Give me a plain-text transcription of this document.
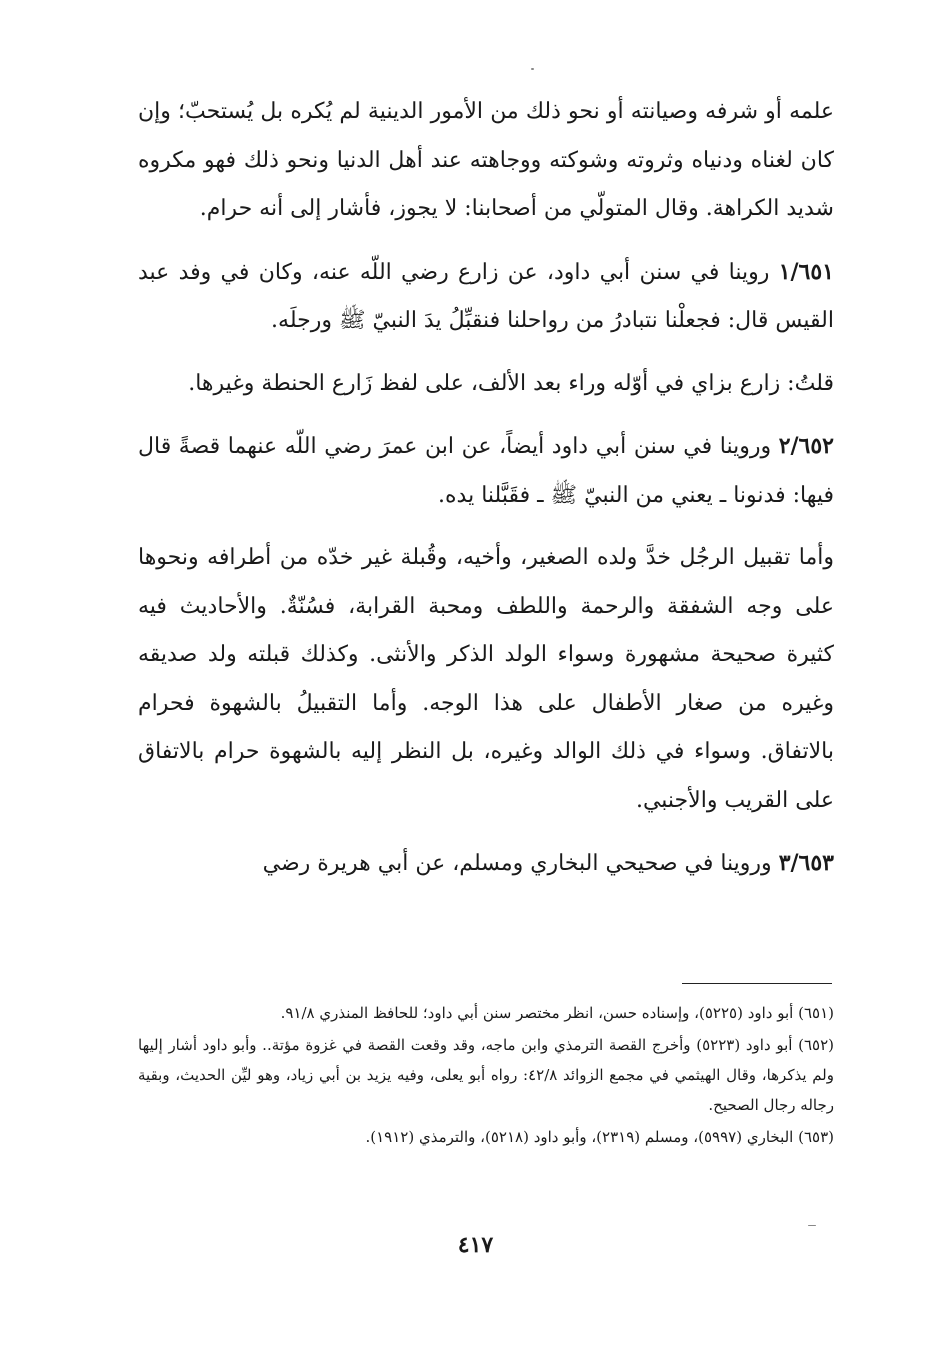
علمه أو شرفه وصيانته أو نحو ذلك من الأمور الدينية لم يُكره بل يُستحبّ؛ وإن كان لغناه ودنياه وثروته وشوكته ووجاهته عند أهل الدنيا ونحو ذلك فهو مكروه شديد الكراهة. وقال المتولّي من أصحابنا: لا يجوز، فأشار إلى أنه حرام.

١/٦٥١ روينا في سنن أبي داود، عن زارع رضي اللّه عنه، وكان في وفد عبد القيس قال: فجعلْنا نتبادرُ من رواحلنا فنقبِّلُ يدَ النبيّ ﷺ ورجلَه.

قلتُ: زارع بزاي في أوّله وراء بعد الألف، على لفظ زَارع الحنطة وغيرها.

٢/٦٥٢ وروينا في سنن أبي داود أيضاً، عن ابن عمرَ رضي اللّه عنهما قصةً قال فيها: فدنونا ـ يعني من النبيّ ﷺ ـ فقَبَّلنا يده.

وأما تقبيل الرجُل خدَّ ولده الصغير، وأخيه، وقُبلة غير خدّه من أطرافه ونحوها على وجه الشفقة والرحمة واللطف ومحبة القرابة، فسُنّةٌ. والأحاديث فيه كثيرة صحيحة مشهورة وسواء الولد الذكر والأنثى. وكذلك قبلته ولد صديقه وغيره من صغار الأطفال على هذا الوجه. وأما التقبيلُ بالشهوة فحرام بالاتفاق. وسواء في ذلك الوالد وغيره، بل النظر إليه بالشهوة حرام بالاتفاق على القريب والأجنبي.

٣/٦٥٣ وروينا في صحيحي البخاري ومسلم، عن أبي هريرة رضي

(٦٥١) أبو داود (٥٢٢٥)، وإسناده حسن، انظر مختصر سنن أبي داود؛ للحافظ المنذري ٩١/٨.

(٦٥٢) أبو داود (٥٢٢٣) وأخرج القصة الترمذي وابن ماجه، وقد وقعت القصة في غزوة مؤتة.. وأبو داود أشار إليها ولم يذكرها، وقال الهيثمي في مجمع الزوائد ٤٢/٨: رواه أبو يعلى، وفيه يزيد بن أبي زياد، وهو ليِّن الحديث، وبقية رجاله رجال الصحيح.

(٦٥٣) البخاري (٥٩٩٧)، ومسلم (٢٣١٩)، وأبو داود (٥٢١٨)، والترمذي (١٩١٢).

٤١٧
